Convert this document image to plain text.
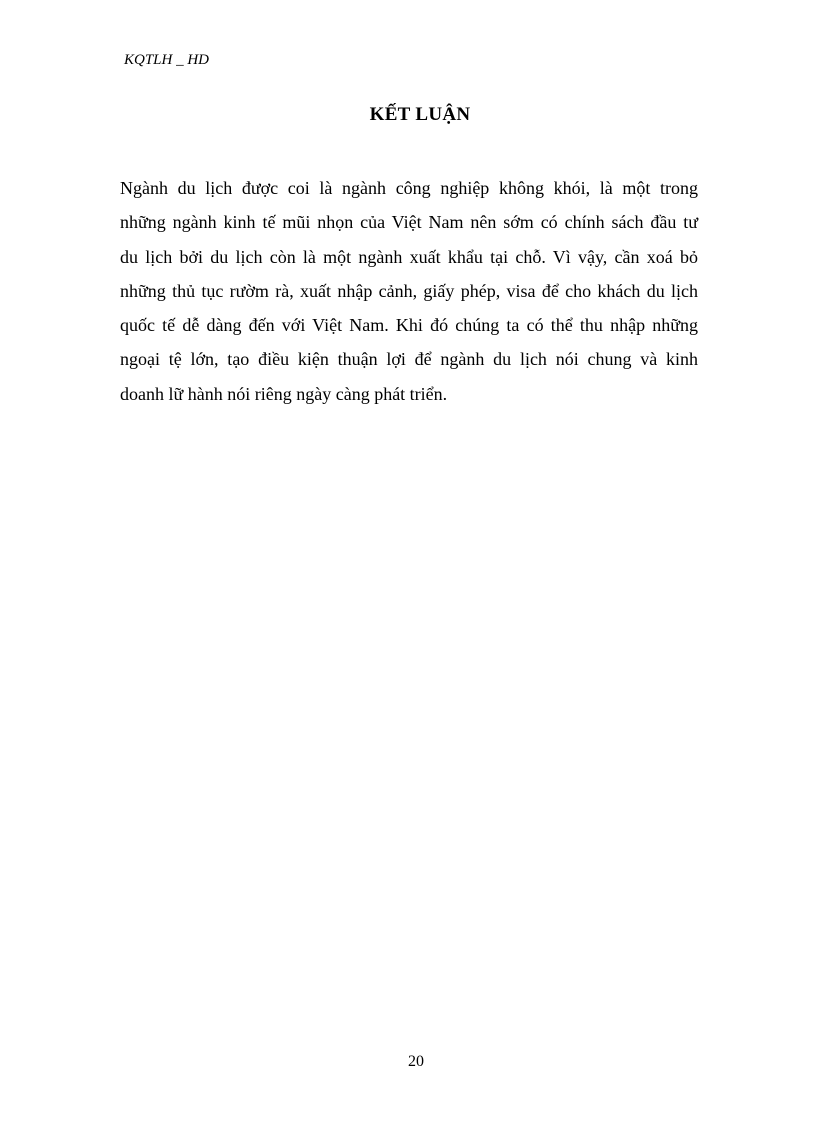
KQTLH _ HD
KẾT LUẬN
Ngành du lịch được coi là ngành công nghiệp không khói, là một trong
những ngành kinh tế mũi nhọn của Việt Nam nên sớm có chính sách đầu tư
du lịch bởi du lịch còn là một ngành xuất khẩu tại chỗ. Vì vậy, cần xoá bỏ
những thủ tục rườm rà, xuất nhập cảnh, giấy phép, visa để cho khách du lịch
quốc tế dễ dàng đến với Việt Nam. Khi đó chúng ta có thể thu nhập những
ngoại tệ lớn, tạo điều kiện thuận lợi để ngành du lịch nói chung và kinh
doanh lữ hành nói riêng ngày càng phát triển.
20
